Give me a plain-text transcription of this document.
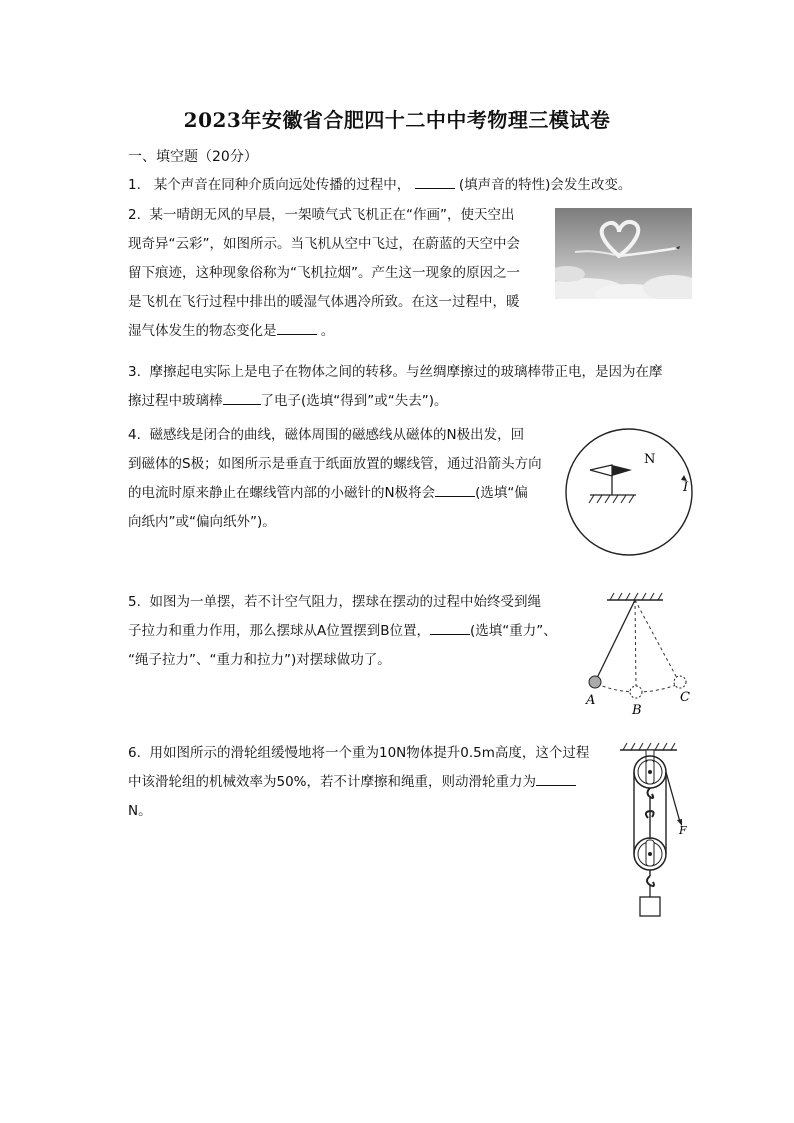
2023年安徽省合肥四十二中中考物理三模试卷
一、填空题（20分）

1. 某个声音在同种介质向远处传播的过程中，	(填声音的特性)会发生改变。

2. 某一晴朗无风的早晨，一架喷气式飞机正在“作画”，使天空出

现奇异“云彩”，如图所示。当飞机从空中飞过，在蔚蓝的天空中会

留下痕迹，这种现象俗称为“飞机拉烟”。产生这一现象的原因之一

是飞机在飞行过程中排出的暖湿气体遇冷所致。在这一过程中，暖

湿气体发生的物态变化是	。

3. 摩擦起电实际上是电子在物体之间的转移。与丝绸摩擦过的玻璃棒带正电，是因为在摩

擦过程中玻璃棒	了电子(选填“得到”或“失去”)。

4. 磁感线是闭合的曲线，磁体周围的磁感线从磁体的N极出发，回

到磁体的S极；如图所示是垂直于纸面放置的螺线管，通过沿箭头方向

的电流时原来静止在螺线管内部的小磁针的N极将会	(选填“偏

向纸内”或“偏向纸外”)。

5. 如图为一单摆，若不计空气阻力，摆球在摆动的过程中始终受到绳

子拉力和重力作用，那么摆球从A位置摆到B位置，	(选填“重力”、

“绳子拉力”、“重力和拉力”)对摆球做功了。

6. 用如图所示的滑轮组缓慢地将一个重为10N物体提升0.5m高度，这个过程

中该滑轮组的机械效率为50%，若不计摩擦和绳重，则动滑轮重力为

N。

N
I
A
B
C
F
